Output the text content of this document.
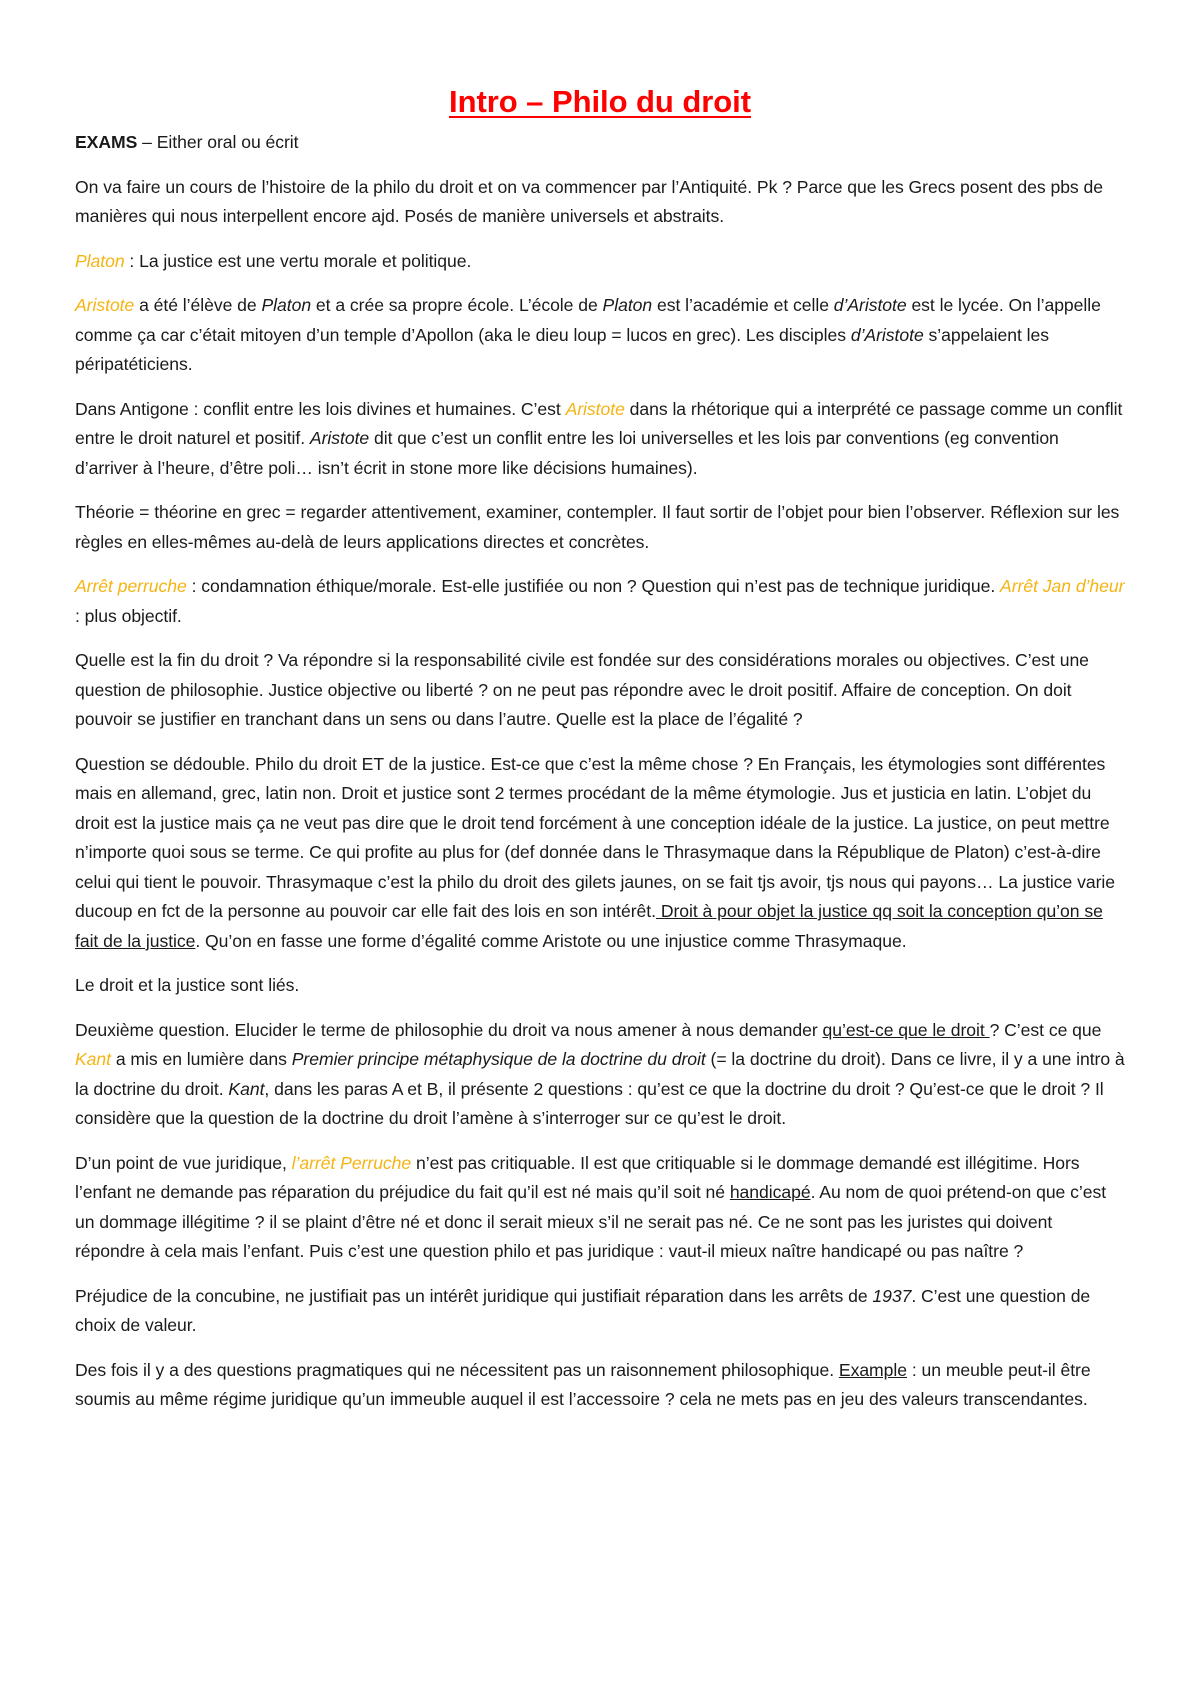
Intro – Philo du droit

EXAMS – Either oral ou écrit

On va faire un cours de l’histoire de la philo du droit et on va commencer par l’Antiquité. Pk ? Parce que les Grecs posent des pbs de manières qui nous interpellent encore ajd. Posés de manière universels et abstraits.

Platon : La justice est une vertu morale et politique.

Aristote a été l’élève de Platon et a crée sa propre école. L’école de Platon est l’académie et celle d’Aristote est le lycée. On l’appelle comme ça car c’était mitoyen d’un temple d’Apollon (aka le dieu loup = lucos en grec). Les disciples d’Aristote s’appelaient les péripatéticiens.

Dans Antigone : conflit entre les lois divines et humaines. C’est Aristote dans la rhétorique qui a interprété ce passage comme un conflit entre le droit naturel et positif. Aristote dit que c’est un conflit entre les loi universelles et les lois par conventions (eg convention d’arriver à l’heure, d’être poli… isn’t écrit in stone more like décisions humaines).

Théorie = théorine en grec = regarder attentivement, examiner, contempler. Il faut sortir de l’objet pour bien l’observer. Réflexion sur les règles en elles-mêmes au-delà de leurs applications directes et concrètes.

Arrêt perruche : condamnation éthique/morale. Est-elle justifiée ou non ? Question qui n’est pas de technique juridique. Arrêt Jan d’heur : plus objectif.

Quelle est la fin du droit ? Va répondre si la responsabilité civile est fondée sur des considérations morales ou objectives. C’est une question de philosophie. Justice objective ou liberté ? on ne peut pas répondre avec le droit positif. Affaire de conception. On doit pouvoir se justifier en tranchant dans un sens ou dans l’autre. Quelle est la place de l’égalité ?

Question se dédouble. Philo du droit ET de la justice. Est-ce que c’est la même chose ? En Français, les étymologies sont différentes mais en allemand, grec, latin non. Droit et justice sont 2 termes procédant de la même étymologie. Jus et justicia en latin. L’objet du droit est la justice mais ça ne veut pas dire que le droit tend forcément à une conception idéale de la justice. La justice, on peut mettre n’importe quoi sous se terme. Ce qui profite au plus for (def donnée dans le Thrasymaque dans la République de Platon) c’est-à-dire celui qui tient le pouvoir. Thrasymaque c’est la philo du droit des gilets jaunes, on se fait tjs avoir, tjs nous qui payons… La justice varie ducoup en fct de la personne au pouvoir car elle fait des lois en son intérêt. Droit à pour objet la justice qq soit la conception qu’on se fait de la justice. Qu’on en fasse une forme d’égalité comme Aristote ou une injustice comme Thrasymaque.

Le droit et la justice sont liés.

Deuxième question. Elucider le terme de philosophie du droit va nous amener à nous demander qu’est-ce que le droit ? C’est ce que Kant a mis en lumière dans Premier principe métaphysique de la doctrine du droit (= la doctrine du droit). Dans ce livre, il y a une intro à la doctrine du droit. Kant, dans les paras A et B, il présente 2 questions : qu’est ce que la doctrine du droit ? Qu’est-ce que le droit ? Il considère que la question de la doctrine du droit l’amène à s’interroger sur ce qu’est le droit.

D’un point de vue juridique, l’arrêt Perruche n’est pas critiquable. Il est que critiquable si le dommage demandé est illégitime. Hors l’enfant ne demande pas réparation du préjudice du fait qu’il est né mais qu’il soit né handicapé. Au nom de quoi prétend-on que c’est un dommage illégitime ? il se plaint d’être né et donc il serait mieux s’il ne serait pas né. Ce ne sont pas les juristes qui doivent répondre à cela mais l’enfant. Puis c’est une question philo et pas juridique : vaut-il mieux naître handicapé ou pas naître ?

Préjudice de la concubine, ne justifiait pas un intérêt juridique qui justifiait réparation dans les arrêts de 1937. C’est une question de choix de valeur.

Des fois il y a des questions pragmatiques qui ne nécessitent pas un raisonnement philosophique. Example : un meuble peut-il être soumis au même régime juridique qu’un immeuble auquel il est l’accessoire ? cela ne mets pas en jeu des valeurs transcendantes.
